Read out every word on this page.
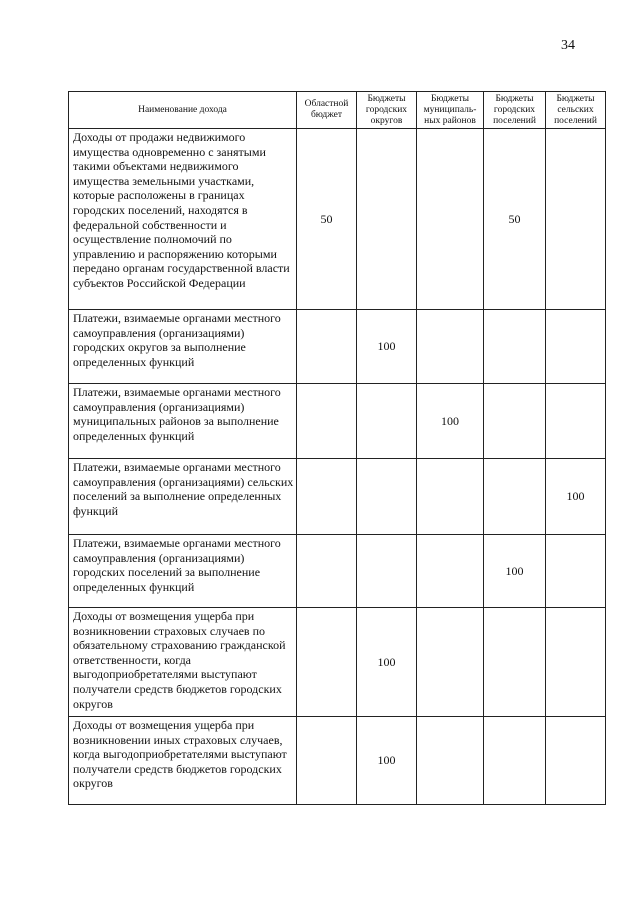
34
Наименование дохода	Областной бюджет	Бюджеты городских округов	Бюджеты муниципаль-ных районов	Бюджеты городских поселений	Бюджеты сельских поселений
Доходы от продажи недвижимого имущества одновременно с занятыми такими объектами недвижимого имущества земельными участками, которые расположены в границах городских поселений, находятся в федеральной собственности и осуществление полномочий по управлению и распоряжению которыми передано органам государственной власти субъектов Российской Федерации	50			50	
Платежи, взимаемые органами местного самоуправления (организациями) городских округов за выполнение определенных функций		100			
Платежи, взимаемые органами местного самоуправления (организациями) муниципальных районов за выполнение определенных функций			100		
Платежи, взимаемые органами местного самоуправления (организациями) сельских поселений за выполнение определенных функций					100
Платежи, взимаемые органами местного самоуправления (организациями) городских поселений за выполнение определенных функций				100	
Доходы от возмещения ущерба при возникновении страховых случаев по обязательному страхованию гражданской ответственности, когда выгодоприобретателями выступают получатели средств бюджетов городских округов		100			
Доходы от возмещения ущерба при возникновении иных страховых случаев, когда выгодоприобретателями выступают получатели средств бюджетов городских округов		100			
